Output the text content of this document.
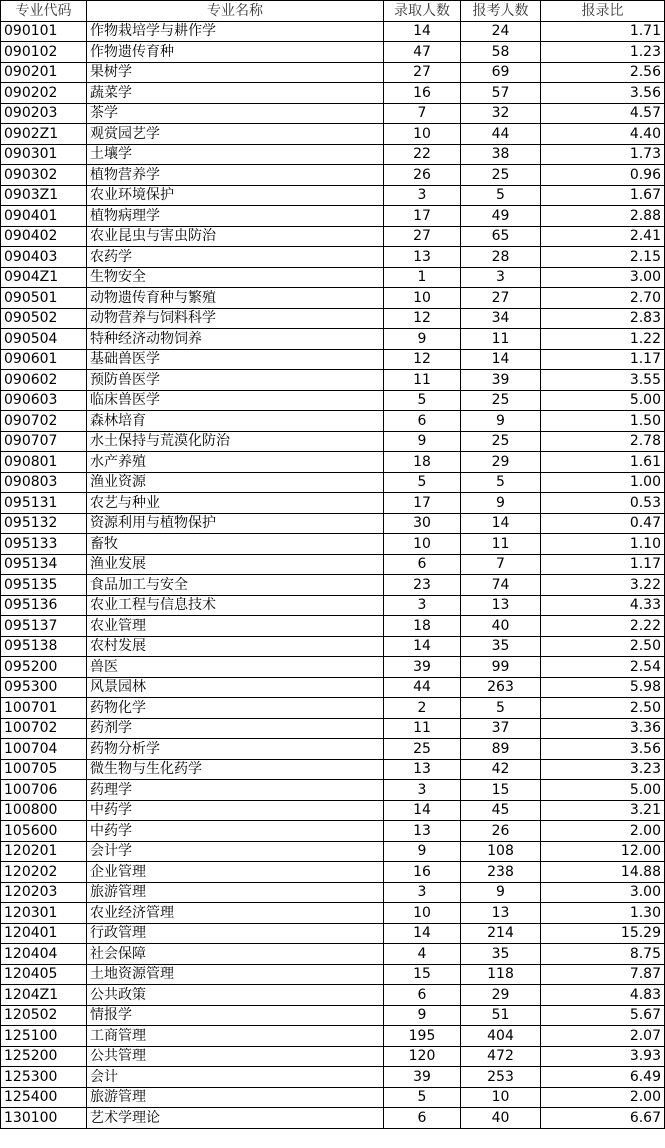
专业代码	专业名称	录取人数	报考人数	报录比
090101	作物栽培学与耕作学	14	24	1.71
090102	作物遗传育种	47	58	1.23
090201	果树学	27	69	2.56
090202	蔬菜学	16	57	3.56
090203	茶学	7	32	4.57
0902Z1	观赏园艺学	10	44	4.40
090301	土壤学	22	38	1.73
090302	植物营养学	26	25	0.96
0903Z1	农业环境保护	3	5	1.67
090401	植物病理学	17	49	2.88
090402	农业昆虫与害虫防治	27	65	2.41
090403	农药学	13	28	2.15
0904Z1	生物安全	1	3	3.00
090501	动物遗传育种与繁殖	10	27	2.70
090502	动物营养与饲料科学	12	34	2.83
090504	特种经济动物饲养	9	11	1.22
090601	基础兽医学	12	14	1.17
090602	预防兽医学	11	39	3.55
090603	临床兽医学	5	25	5.00
090702	森林培育	6	9	1.50
090707	水土保持与荒漠化防治	9	25	2.78
090801	水产养殖	18	29	1.61
090803	渔业资源	5	5	1.00
095131	农艺与种业	17	9	0.53
095132	资源利用与植物保护	30	14	0.47
095133	畜牧	10	11	1.10
095134	渔业发展	6	7	1.17
095135	食品加工与安全	23	74	3.22
095136	农业工程与信息技术	3	13	4.33
095137	农业管理	18	40	2.22
095138	农村发展	14	35	2.50
095200	兽医	39	99	2.54
095300	风景园林	44	263	5.98
100701	药物化学	2	5	2.50
100702	药剂学	11	37	3.36
100704	药物分析学	25	89	3.56
100705	微生物与生化药学	13	42	3.23
100706	药理学	3	15	5.00
100800	中药学	14	45	3.21
105600	中药学	13	26	2.00
120201	会计学	9	108	12.00
120202	企业管理	16	238	14.88
120203	旅游管理	3	9	3.00
120301	农业经济管理	10	13	1.30
120401	行政管理	14	214	15.29
120404	社会保障	4	35	8.75
120405	土地资源管理	15	118	7.87
1204Z1	公共政策	6	29	4.83
120502	情报学	9	51	5.67
125100	工商管理	195	404	2.07
125200	公共管理	120	472	3.93
125300	会计	39	253	6.49
125400	旅游管理	5	10	2.00
130100	艺术学理论	6	40	6.67
